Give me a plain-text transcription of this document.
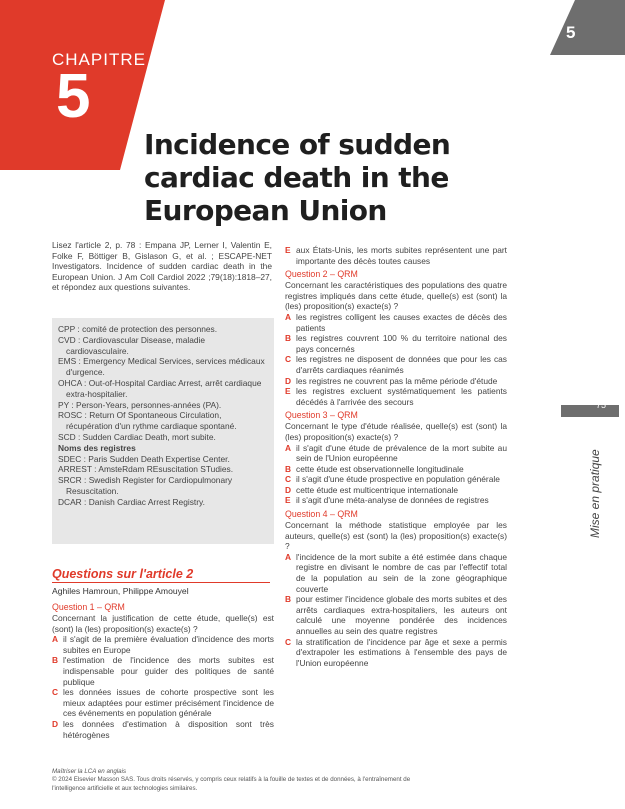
CHAPITRE
5
5
Incidence of sudden cardiac death in the European Union
Lisez l'article 2, p. 78 : Empana JP, Lerner I, Valentin E, Folke F, Böttiger B, Gislason G, et al. ; ESCAPE-NET Investigators. Incidence of sudden cardiac death in the European Union. J Am Coll Cardiol 2022 ;79(18):1818–27, et répondez aux questions suivantes.
CPP : comité de protection des personnes.
CVD : Cardiovascular Disease, maladie cardiovasculaire.
EMS : Emergency Medical Services, services médicaux d'urgence.
OHCA : Out-of-Hospital Cardiac Arrest, arrêt cardiaque extra-hospitalier.
PY : Person-Years, personnes-années (PA).
ROSC : Return Of Spontaneous Circulation, récupération d'un rythme cardiaque spontané.
SCD : Sudden Cardiac Death, mort subite.
Noms des registres
SDEC : Paris Sudden Death Expertise Center.
ARREST : AmsteRdam REsuscitation STudies.
SRCR : Swedish Register for Cardiopulmonary Resuscitation.
DCAR : Danish Cardiac Arrest Registry.
Questions sur l'article 2
Aghiles Hamroun, Philippe Amouyel
Question 1 – QRM
Concernant la justification de cette étude, quelle(s) est (sont) la (les) proposition(s) exacte(s) ?
A il s'agit de la première évaluation d'incidence des morts subites en Europe
B l'estimation de l'incidence des morts subites est indispensable pour guider des politiques de santé publique
C les données issues de cohorte prospective sont les mieux adaptées pour estimer précisément l'incidence de ces événements en population générale
D les données d'estimation à disposition sont très hétérogènes
E aux États-Unis, les morts subites représentent une part importante des décès toutes causes
Question 2 – QRM
Concernant les caractéristiques des populations des quatre registres impliqués dans cette étude, quelle(s) est (sont) la (les) proposition(s) exacte(s) ?
A les registres colligent les causes exactes de décès des patients
B les registres couvrent 100 % du territoire national des pays concernés
C les registres ne disposent de données que pour les cas d'arrêts cardiaques réanimés
D les registres ne couvrent pas la même période d'étude
E les registres excluent systématiquement les patients décédés à l'arrivée des secours
Question 3 – QRM
Concernant le type d'étude réalisée, quelle(s) est (sont) la (les) proposition(s) exacte(s) ?
A il s'agit d'une étude de prévalence de la mort subite au sein de l'Union européenne
B cette étude est observationnelle longitudinale
C il s'agit d'une étude prospective en population générale
D cette étude est multicentrique internationale
E il s'agit d'une méta-analyse de données de registres
Question 4 – QRM
Concernant la méthode statistique employée par les auteurs, quelle(s) est (sont) la (les) proposition(s) exacte(s) ?
A l'incidence de la mort subite a été estimée dans chaque registre en divisant le nombre de cas par l'effectif total de la population au sein de la zone géographique couverte
B pour estimer l'incidence globale des morts subites et des arrêts cardiaques extra-hospitaliers, les auteurs ont calculé une moyenne pondérée des incidences annuelles au sein des quatre registres
C la stratification de l'incidence par âge et sexe a permis d'extrapoler les estimations à l'ensemble des pays de l'Union européenne
75
Mise en pratique
Maîtriser la LCA en anglais
© 2024 Elsevier Masson SAS. Tous droits réservés, y compris ceux relatifs à la fouille de textes et de données, à l'entraînement de l'intelligence artificielle et aux technologies similaires.
